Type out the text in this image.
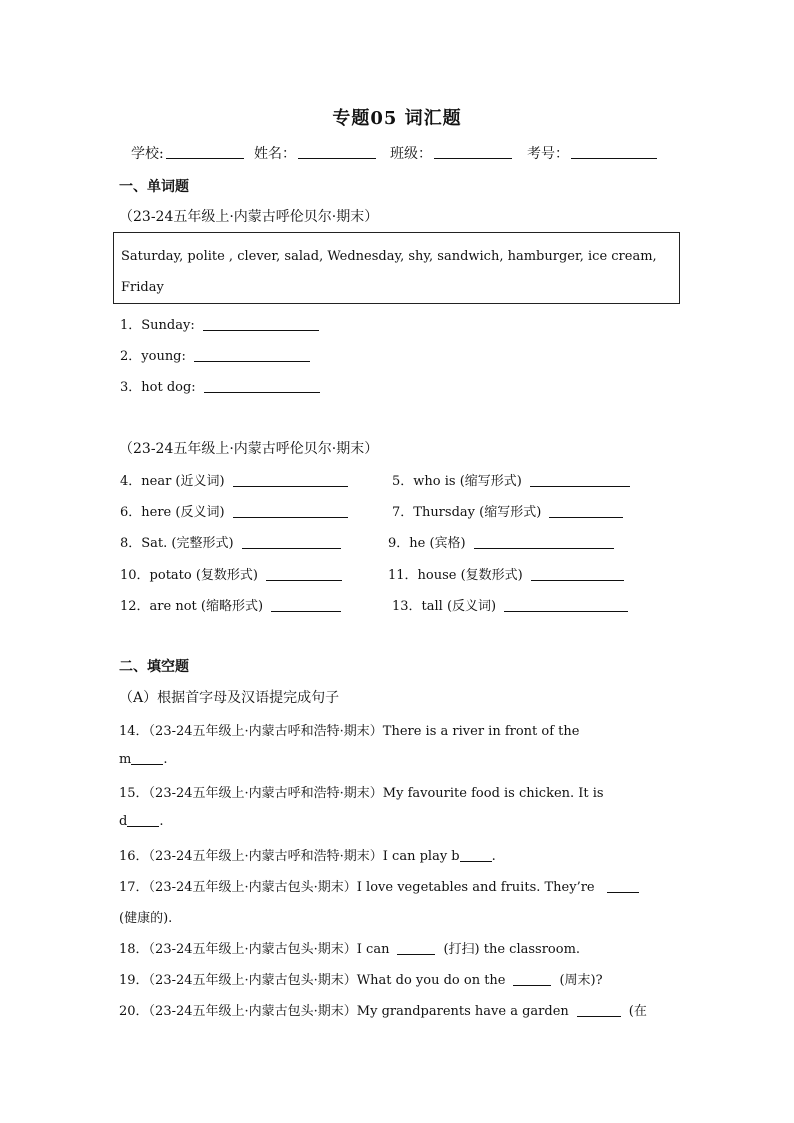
专题05 词汇题
学校:	姓名：	班级：	考号：
一、单词题
（23-24五年级上·内蒙古呼伦贝尔·期末）
Saturday, polite , clever, salad, Wednesday, shy, sandwich, hamburger, ice cream, Friday
1．Sunday:
2．young:
3．hot dog:
（23-24五年级上·内蒙古呼伦贝尔·期末）
4．near (近义词)	5．who is (缩写形式)
6．here (反义词)	7．Thursday (缩写形式)
8．Sat. (完整形式)	9．he (宾格)
10．potato (复数形式)	11．house (复数形式)
12．are not (缩略形式)	13．tall (反义词)
二、填空题
（A）根据首字母及汉语提完成句子
14．（23-24五年级上·内蒙古呼和浩特·期末）There is a river in front of the
m .
15．（23-24五年级上·内蒙古呼和浩特·期末）My favourite food is chicken. It is
d .
16．（23-24五年级上·内蒙古呼和浩特·期末）I can play b .
17．（23-24五年级上·内蒙古包头·期末）I love vegetables and fruits. They’re
(健康的).
18．（23-24五年级上·内蒙古包头·期末）I can	(打扫) the classroom.
19．（23-24五年级上·内蒙古包头·期末）What do you do on the	(周末)?
20．（23-24五年级上·内蒙古包头·期末）My grandparents have a garden	(在
